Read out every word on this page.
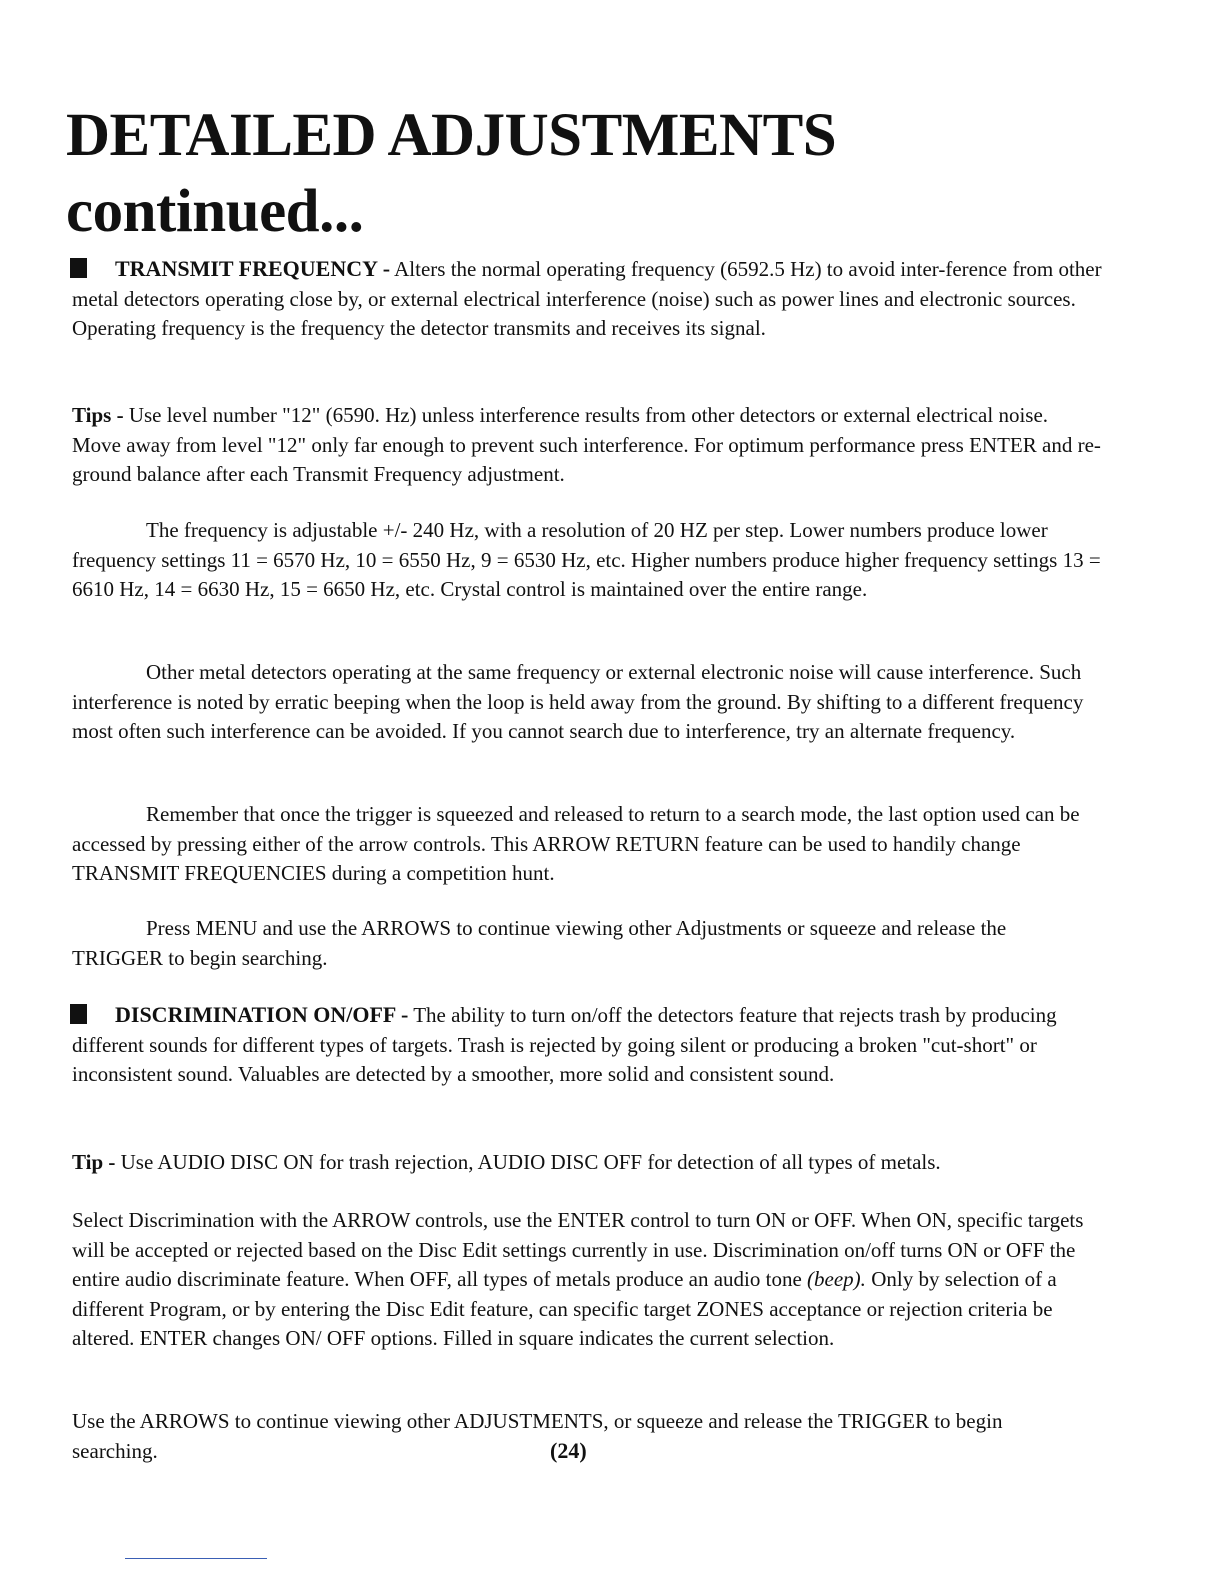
DETAILED ADJUSTMENTS
continued...

TRANSMIT FREQUENCY - Alters the normal operating frequency (6592.5 Hz) to avoid inter-ference from other metal detectors operating close by, or external electrical interference (noise) such as power lines and electronic sources. Operating frequency is the frequency the detector transmits and receives its signal.

Tips - Use level number "12" (6590. Hz) unless interference results from other detectors or external electrical noise. Move away from level "12" only far enough to prevent such interference. For optimum performance press ENTER and re-ground balance after each Transmit Frequency adjustment.

The frequency is adjustable +/- 240 Hz, with a resolution of 20 HZ per step. Lower numbers produce lower frequency settings 11 = 6570 Hz, 10 = 6550 Hz, 9 = 6530 Hz, etc. Higher numbers produce higher frequency settings 13 = 6610 Hz, 14 = 6630 Hz, 15 = 6650 Hz, etc. Crystal control is maintained over the entire range.

Other metal detectors operating at the same frequency or external electronic noise will cause interference. Such interference is noted by erratic beeping when the loop is held away from the ground. By shifting to a different frequency most often such interference can be avoided. If you cannot search due to interference, try an alternate frequency.

Remember that once the trigger is squeezed and released to return to a search mode, the last option used can be accessed by pressing either of the arrow controls. This ARROW RETURN feature can be used to handily change TRANSMIT FREQUENCIES during a competition hunt.

Press MENU and use the ARROWS to continue viewing other Adjustments or squeeze and release the TRIGGER to begin searching.

DISCRIMINATION ON/OFF - The ability to turn on/off the detectors feature that rejects trash by producing different sounds for different types of targets. Trash is rejected by going silent or producing a broken "cut-short" or inconsistent sound. Valuables are detected by a smoother, more solid and consistent sound.

Tip - Use AUDIO DISC ON for trash rejection, AUDIO DISC OFF for detection of all types of metals.

Select Discrimination with the ARROW controls, use the ENTER control to turn ON or OFF. When ON, specific targets will be accepted or rejected based on the Disc Edit settings currently in use. Discrimination on/off turns ON or OFF the entire audio discriminate feature. When OFF, all types of metals produce an audio tone (beep). Only by selection of a different Program, or by entering the Disc Edit feature, can specific target ZONES acceptance or rejection criteria be altered. ENTER changes ON/ OFF options. Filled in square indicates the current selection.

Use the ARROWS to continue viewing other ADJUSTMENTS, or squeeze and release the TRIGGER to begin searching.	(24)
